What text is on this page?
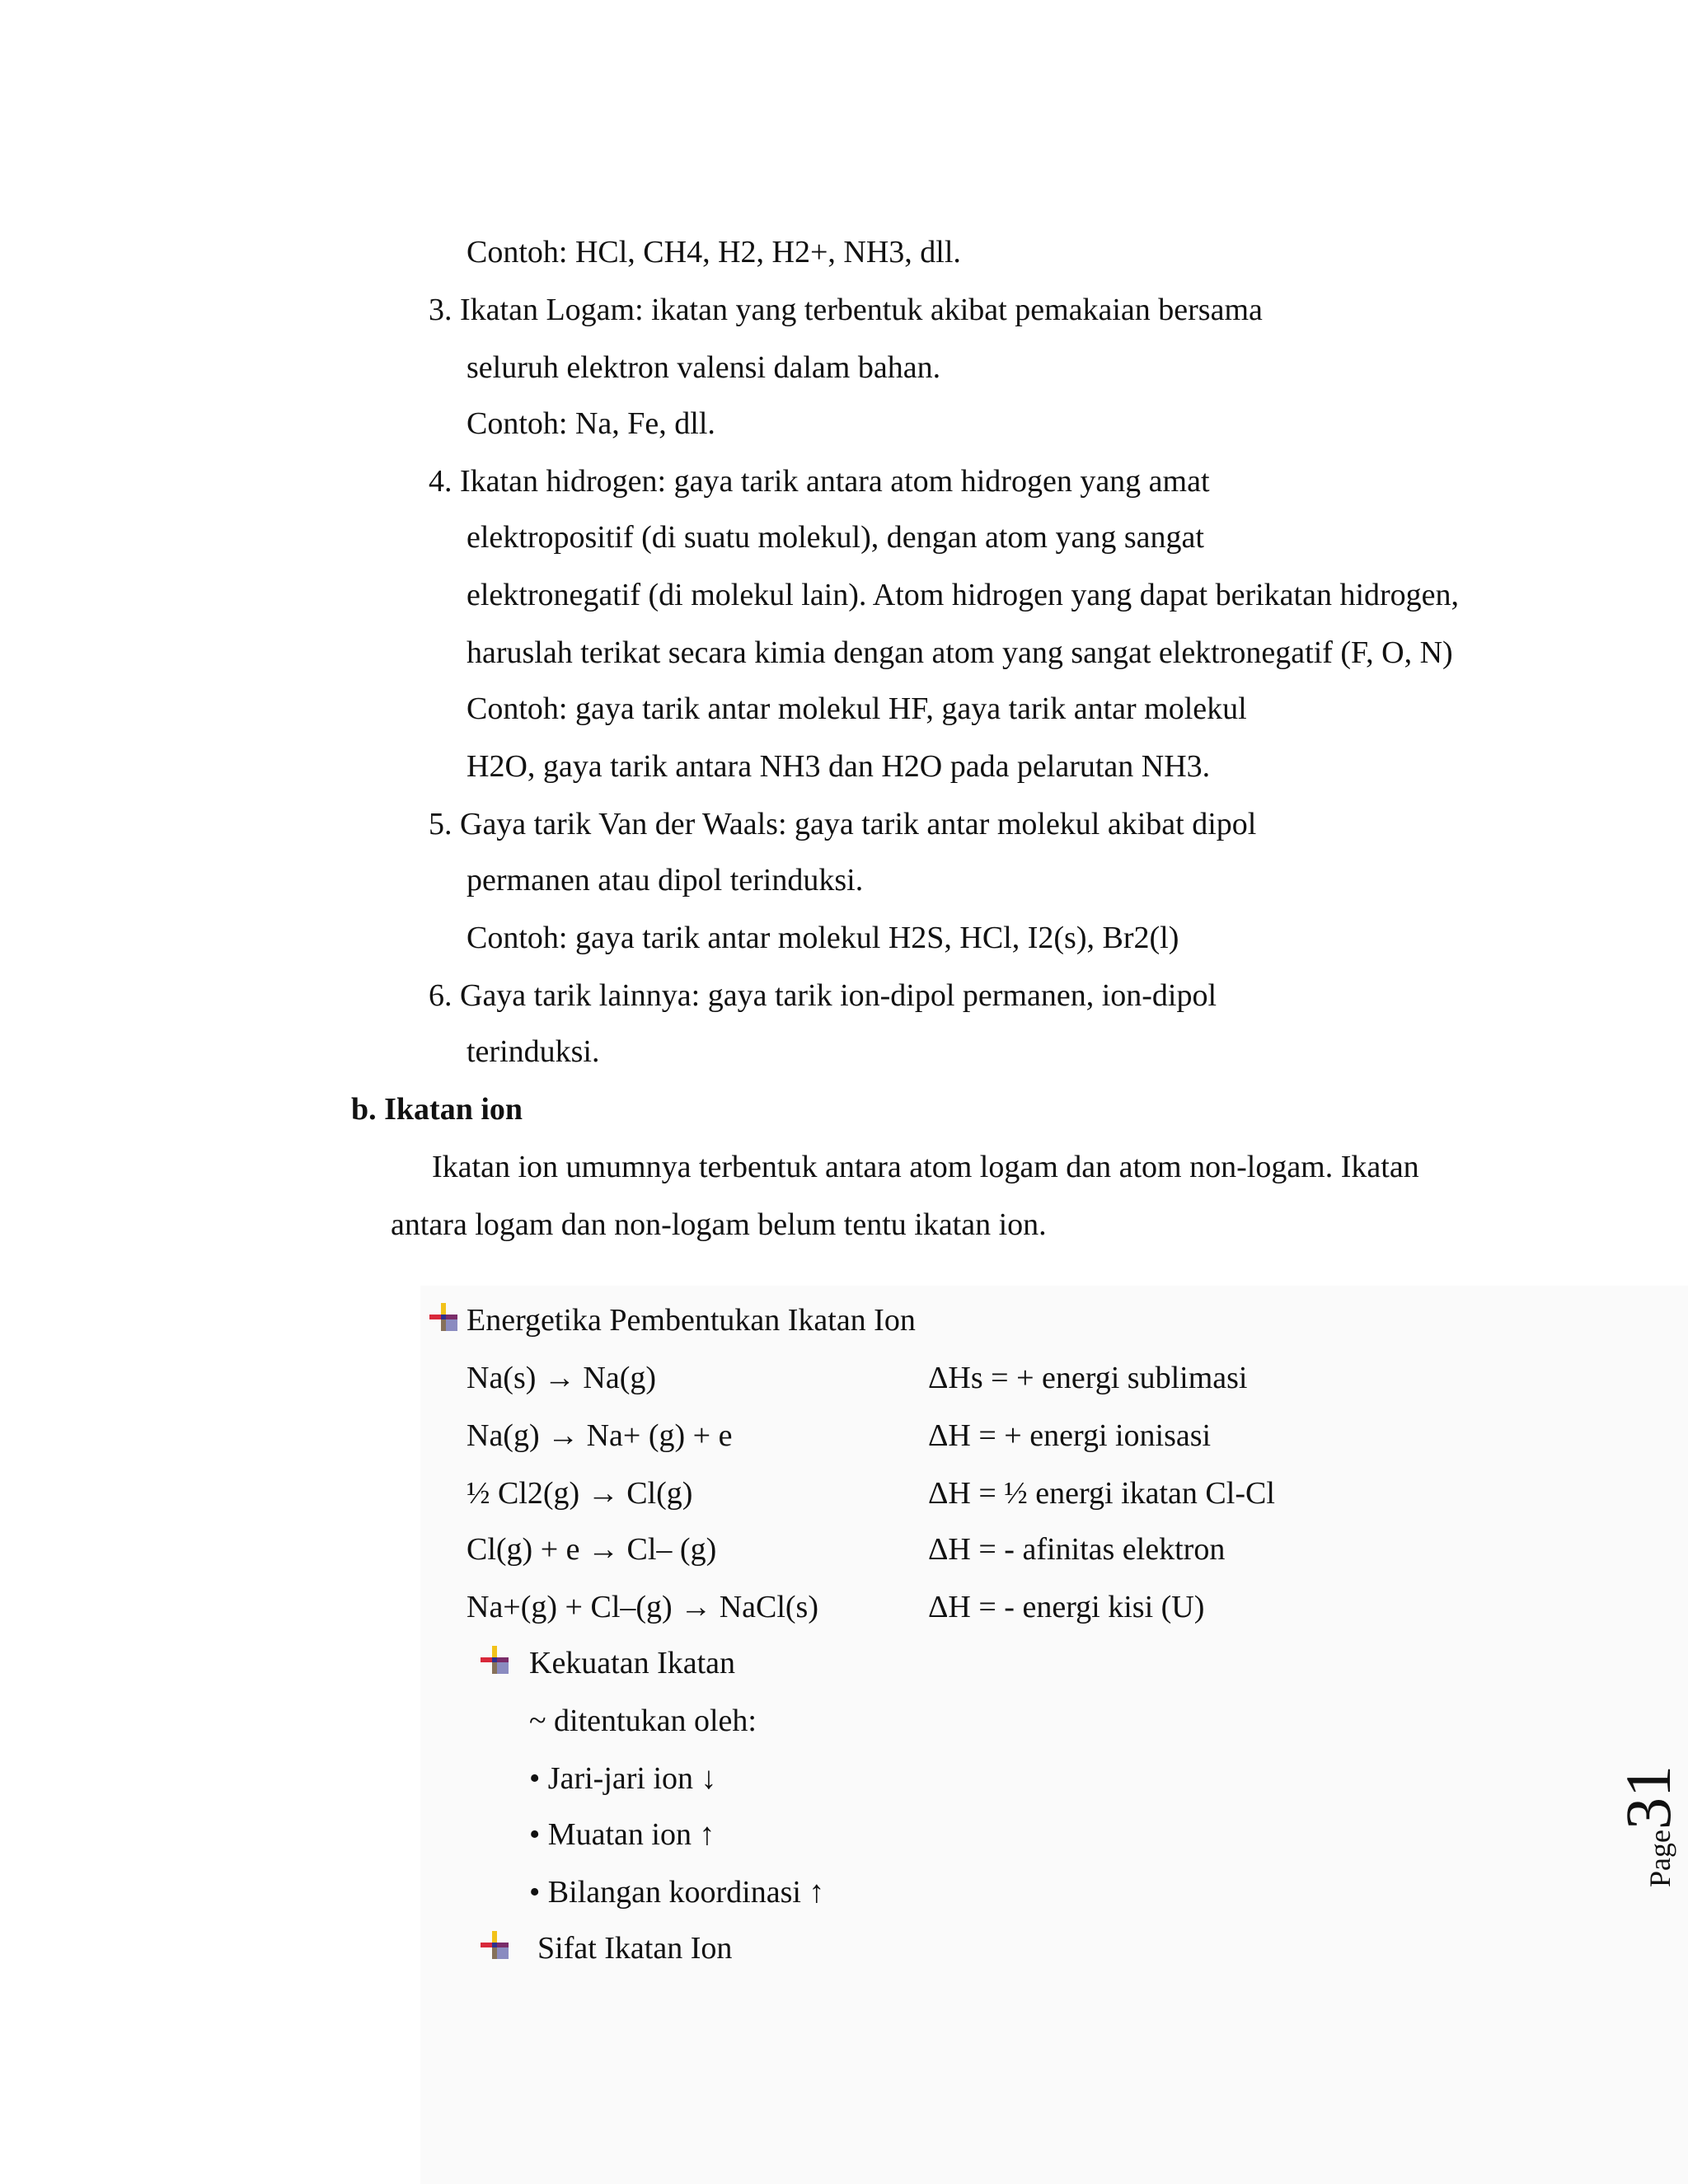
Contoh: HCl, CH4, H2, H2+, NH3, dll.
3. Ikatan Logam: ikatan yang terbentuk akibat pemakaian bersama
seluruh elektron valensi dalam bahan.
Contoh: Na, Fe, dll.
4. Ikatan hidrogen: gaya tarik antara atom hidrogen yang amat
elektropositif (di suatu molekul), dengan atom yang sangat
elektronegatif (di molekul lain). Atom hidrogen yang dapat berikatan hidrogen,
haruslah terikat secara kimia dengan atom yang sangat elektronegatif (F, O, N)
Contoh: gaya tarik antar molekul HF, gaya tarik antar molekul
H2O, gaya tarik antara NH3 dan H2O pada pelarutan NH3.
5. Gaya tarik Van der Waals: gaya tarik antar molekul akibat dipol
permanen atau dipol terinduksi.
Contoh: gaya tarik antar molekul H2S, HCl, I2(s), Br2(l)
6. Gaya tarik lainnya: gaya tarik ion-dipol permanen, ion-dipol
terinduksi.
b. Ikatan ion
Ikatan ion umumnya terbentuk antara atom logam dan atom non-logam. Ikatan
antara logam dan non-logam belum tentu ikatan ion.
Energetika Pembentukan Ikatan Ion
Na(s) → Na(g)	ΔHs = + energi sublimasi
Na(g) → Na+ (g) + e	ΔH = + energi ionisasi
½ Cl2(g) → Cl(g)	ΔH = ½ energi ikatan Cl-Cl
Cl(g) + e → Cl– (g)	ΔH = - afinitas elektron
Na+(g) + Cl–(g) → NaCl(s)	ΔH = - energi kisi (U)
Kekuatan Ikatan
~ ditentukan oleh:
• Jari-jari ion ↓
• Muatan ion ↑
• Bilangan koordinasi ↑
Sifat Ikatan Ion
Page31
